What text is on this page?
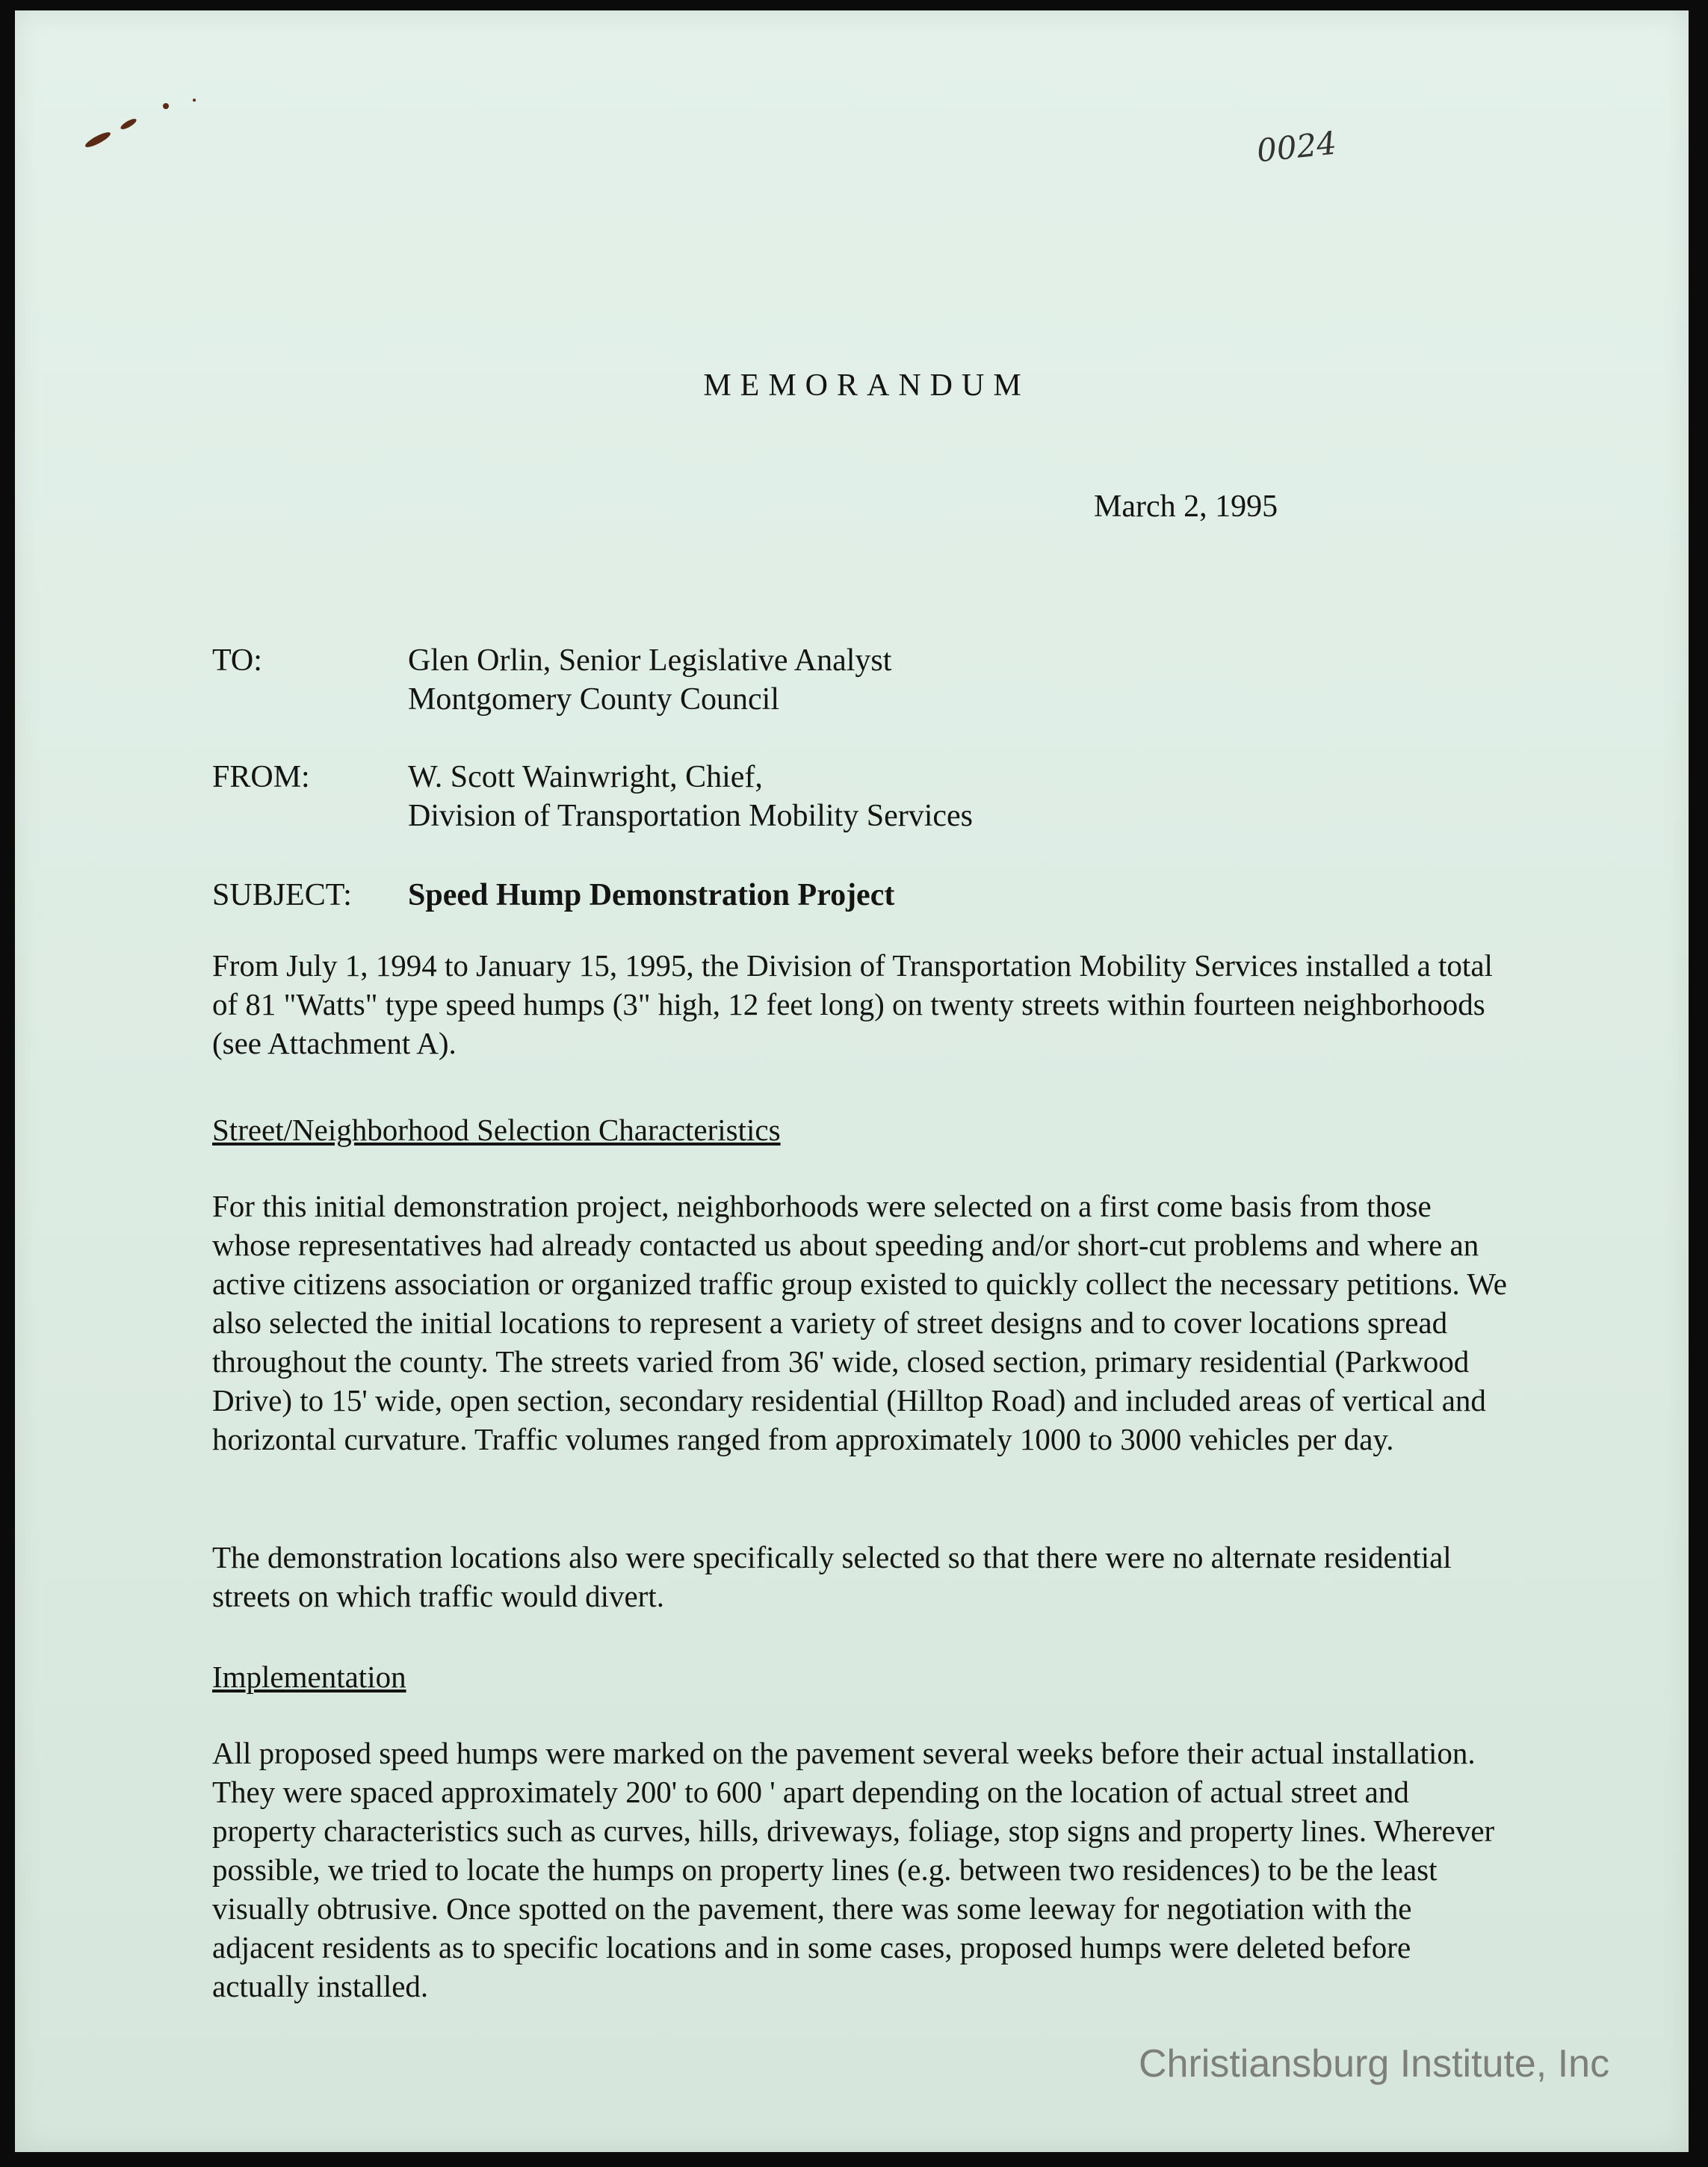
0024
MEMORANDUM
March 2, 1995
TO:	Glen Orlin, Senior Legislative Analyst
Montgomery County Council
FROM:	W. Scott Wainwright, Chief,
Division of Transportation Mobility Services
SUBJECT: Speed Hump Demonstration Project

From July 1, 1994 to January 15, 1995, the Division of Transportation Mobility Services installed a total of 81 "Watts" type speed humps (3" high, 12 feet long) on twenty streets within fourteen neighborhoods (see Attachment A).

Street/Neighborhood Selection Characteristics

For this initial demonstration project, neighborhoods were selected on a first come basis from those whose representatives had already contacted us about speeding and/or short-cut problems and where an active citizens association or organized traffic group existed to quickly collect the necessary petitions. We also selected the initial locations to represent a variety of street designs and to cover locations spread throughout the county. The streets varied from 36' wide, closed section, primary residential (Parkwood Drive) to 15' wide, open section, secondary residential (Hilltop Road) and included areas of vertical and horizontal curvature. Traffic volumes ranged from approximately 1000 to 3000 vehicles per day.

The demonstration locations also were specifically selected so that there were no alternate residential streets on which traffic would divert.

Implementation

All proposed speed humps were marked on the pavement several weeks before their actual installation. They were spaced approximately 200' to 600 ' apart depending on the location of actual street and property characteristics such as curves, hills, driveways, foliage, stop signs and property lines. Wherever possible, we tried to locate the humps on property lines (e.g. between two residences) to be the least visually obtrusive. Once spotted on the pavement, there was some leeway for negotiation with the adjacent residents as to specific locations and in some cases, proposed humps were deleted before actually installed.

Christiansburg Institute, Inc
